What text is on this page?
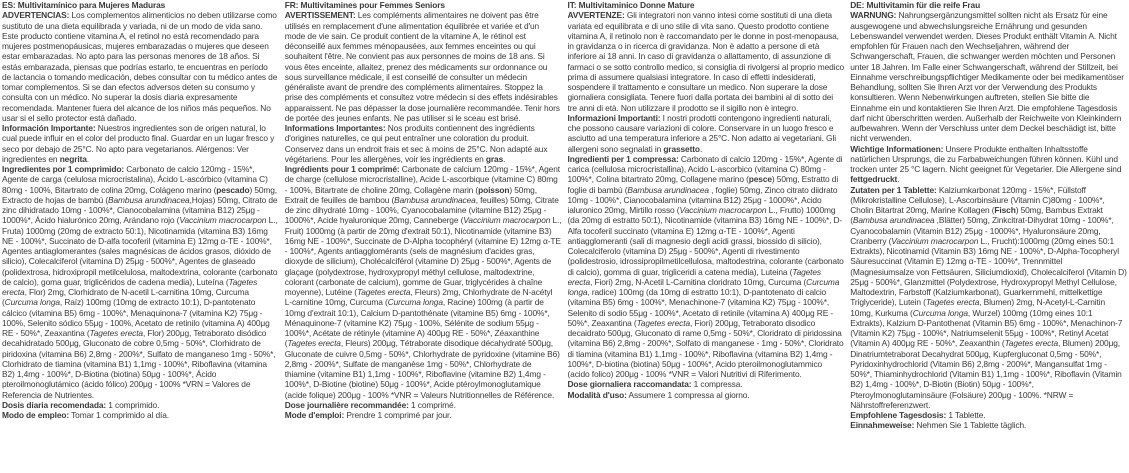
ES: Multivitamínico para Mujeres Maduras

ADVERTENCIAS: Los complementos alimenticios no deben utilizarse como sustituto de una dieta equilibrada y variada, ni de un modo de vida sano. Este producto contiene vitamina A, el retinol no está recomendado para mujeres postmenopáusicas, mujeres embarazadas o mujeres que deseen estar embarazadas. No apto para las personas menores de 18 años. Si estás embarazada, piensas que podrías estarlo, te encuentras en período de lactancia o tomando medicación, debes consultar con tu médico antes de tomar complementos. Si se dan efectos adversos deten su consumo y consulta con un médico. No superar la dosis diaria expresamente recomendada. Mantener fuera del alcance de los niños más pequeños. No usar si el sello protector está dañado.

Información Importante: Nuestros ingredientes son de origen natural, lo cual puede influir en el color del producto final. Guardar en un lugar fresco y seco por debajo de 25°C. No apto para vegetarianos. Alérgenos: Ver ingredientes en negrita.

Ingredientes por 1 comprimido: Carbonato de calcio 120mg - 15%*, Agente de carga (celulosa microcristalina), Ácido L-ascórbico (vitamina C) 80mg - 100%, Bitartrato de colina 20mg, Colágeno marino (pescado) 50mg, Extracto de hojas de bambú (Bambusa arundinacea,Hojas) 50mg, Citrato de zinc dihidratado 10mg - 100%*, Cianocobalamina (vitamina B12) 25μg - 1000%*, Ácido hialurónico 20mg, Arándano rojo (Vaccinium macrocarpon L., Fruta) 1000mg (20mg de extracto 50:1), Nicotinamida (vitamina B3) 16mg NE - 100%*, Succinato de D-alfa tocoferil (vitamina E) 12mg α-TE - 100%*, Agentes antiaglomerantes (sales magnésicas de ácidos grasos, dióxido de silicio), Colecalciferol (vitamina D) 25μg - 500%*, Agentes de glaseado (polidextrosa, hidroxipropil metilcelulosa, maltodextrina, colorante (carbonato de calcio), goma guar, triglicéridos de cadena media), Luteína (Tagetes erecta, Flor) 2mg, Clorhidrato de N-acetil L-carnitina 10mg, Curcuma (Curcuma longa, Raíz) 100mg (10mg de extracto 10:1), D-pantotenato cálcico (vitamina B5) 6mg - 100%*, Menaquinona-7 (vitamina K2) 75μg - 100%, Selenito sódico 55μg - 100%, Acetato de retinilo (vitamina A) 400μg RE - 50%*, Zeaxantina (Tagetes erecta, Flor) 200μg, Tetraborato disódico decahidratado 500μg, Gluconato de cobre 0,5mg - 50%*, Clorhidrato de piridoxina (vitamina B6) 2,8mg - 200%*, Sulfato de manganeso 1mg - 50%*, Clorhidrato de tiamina (vitamina B1) 1,1mg - 100%*, Riboflavina (vitamina B2) 1,4mg - 100%*, D-Biotina (biotina) 50μg - 100%*, Ácido pteroilmonoglutámico (ácido fólico) 200μg - 100% *VRN = Valores de Referencia de Nutrientes.

Dosis diaria recomendada: 1 comprimido.

Modo de empleo: Tomar 1 comprimido al día.

FR: Multivitamines pour Femmes Seniors

AVERTISSEMENT: Les compléments alimentaires ne doivent pas être utilisés en remplacement d'une alimentation équilibrée et variée et d'un mode de vie sain. Ce produit contient de la vitamine A, le rétinol est déconseillé aux femmes ménopausées, aux femmes enceintes ou qui souhaitent l'être. Ne convient pas aux personnes de moins de 18 ans. Si vous êtes enceinte, allaitez, prenez des médicaments sur ordonnance ou sous surveillance médicale, il est conseillé de consulter un médecin généraliste avant de prendre des compléments alimentaires. Stoppez la prise des compléments et consultez votre médecin si des effets indésirables apparaissent. Ne pas dépasser la dose journalière recommandée. Tenir hors de portée des jeunes enfants. Ne pas utiliser si le sceau est brisé.

Informations Importantes: Nos produits contiennent des ingrédients d'origines naturelles, ce qui peut entraîner une coloration du produit. Conservez dans un endroit frais et sec à moins de 25°C. Non adapté aux végétariens. Pour les allergènes, voir les ingrédients en gras.

Ingrédients pour 1 comprimé: Carbonate de calcium 120mg - 15%*, Agent de charge (cellulose microcristalline), Acide L-ascorbique (vitamine C) 80mg - 100%, Bitartrate de choline 20mg, Collagène marin (poisson) 50mg, Extrait de feuilles de bambou (Bambusa arundinacea, feuilles) 50mg, Citrate de zinc dihydraté 10mg - 100%, Cyanocobalamine (vitamine B12) 25μg - 1000%*, Acide hyaluronique 20mg, Canneberge (Vaccinium macrocarpon L., Fruit) 1000mg (à partir de 20mg d'extrait 50:1), Nicotinamide (vitamine B3) 16mg NE - 100%*, Succinate de D-Alpha tocophéryl (vitamine E) 12mg α-TE - 100%*, Agents antiagglomérants (sels de magnésium d'acides gras, dioxyde de silicium), Cholécalciférol (vitamine D) 25μg - 500%*, Agents de glaçage (polydextrose, hydroxypropyl méthyl cellulose, maltodextrine, colorant (carbonate de calcium), gomme de Guar, triglycérides à chaîne moyenne), Lutéine (Tagetes erecta, Fleurs) 2mg, Chlorhydrate de N-acétyl L-carnitine 10mg, Curcuma (Curcuma longa, Racine) 100mg (à partir de 10mg d'extrait 10:1), Calcium D-pantothénate (vitamine B5) 6mg - 100%*, Ménaquinone-7 (vitamine K2) 75μg - 100%, Sélénite de sodium 55μg - 100%*, Acétate de rétinyle (vitamine A) 400μg RE - 50%*, Zéaxanthine (Tagetes erecta, Fleurs) 200μg, Tétraborate disodique décahydraté 500μg, Gluconate de cuivre 0,5mg - 50%*, Chlorhydrate de pyridoxine (vitamine B6) 2,8mg - 200%*, Sulfate de manganèse 1mg - 50%*, Chlorhydrate de thiamine (vitamine B1) 1,1mg - 100%*, Riboflavine (vitamine B2) 1,4mg - 100%*, D-Biotine (biotine) 50μg - 100%*, Acide ptéroylmonoglutamique (acide folique) 200μg - 100% *VNR = Valeurs Nutritionnelles de Référence.

Dose journalière recommandée: 1 comprimé.

Mode d'emploi: Prendre 1 comprimé par jour.

IT: Multivitaminico Donne Mature

AVVERTENZE: Gli integratori non vanno intesi come sostituti di una dieta variata ed equilibrata e di uno stile di vita sano. Questo prodotto contiene vitamina A, il retinolo non è raccomandato per le donne in post-menopausa, in gravidanza o in ricerca di gravidanza. Non è adatto a persone di età inferiore ai 18 anni. In caso di gravidanza o allattamento, di assunzione di farmaci o se sotto controllo medico, si consiglia di rivolgersi al proprio medico prima di assumere qualsiasi integratore. In caso di effetti indesiderati, sospendere il trattamento e consultare un medico. Non superare la dose giornaliera consigliata. Tenere fuori dalla portata dei bambini al di sotto dei tre anni di età. Non utilizzare il prodotto se il sigillo non è integro.

Informazioni Importanti: I nostri prodotti contengono ingredienti naturali, che possono causare variazioni di colore. Conservare in un luogo fresco e asciutto ad una temperatura inferiore a 25°C. Non adatto ai vegetariani. Gli allergeni sono segnalati in grassetto.

Ingredienti per 1 compressa: Carbonato di calcio 120mg - 15%*, Agente di carica (cellulosa microcristallina), Acido L-ascorbico (vitamina C) 80mg - 100%*, Colina bitartrato 20mg, Collagene marino (pesce) 50mg, Estratto di foglie di bambù (Bambusa arundinacea , foglie) 50mg, Zinco citrato diidrato 10mg - 100%*, Cianocobalamina (vitamina B12) 25μg - 1000%*, Acido ialuronico 20mg, Mirtillo rosso (Vaccinium macrocarpon L., Frutto) 1000mg (da 20mg di estratto 50:1), Nicotinamide (vitamina B3) 16mg NE - 100%*, D-Alfa tocoferil succinato (vitamina E) 12mg α-TE - 100%*, Agenti antiagglomeranti (sali di magnesio degli acidi grassi, biossido di silicio), Colecalciferolo (vitamina D) 25μg - 500%*, Agenti di rivestimento (polidestrosio, idrossipropilmetilcellulosa, maltodestrina, colorante (carbonato di calcio), gomma di guar, trigliceridi a catena media), Luteina (Tagetes erecta, Fiori) 2mg, N-Acetil L-Carnitina cloridrato 10mg, Curcuma (Curcuma longa, radice) 100mg (da 10mg di estratto 10:1), D-pantotenato di calcio (vitamina B5) 6mg - 100%*, Menachinone-7 (vitamina K2) 75μg - 100%*, Selenito di sodio 55μg - 100%*, Acetato di retinile (vitamina A) 400μg RE - 50%*, Zeaxantina (Tagetes erecta, Fiori) 200μg, Tetraborato disodico decaidrato 500μg, Gluconato di rame 0,5mg - 50%*, Cloridrato di piridossina (vitamina B6) 2,8mg - 200%*, Solfato di manganese - 1mg - 50%*, Cloridrato di tiamina (vitamina B1) 1,1mg - 100%*, Riboflavina (vitamina B2) 1,4mg - 100%*, D-biotina (biotina) 50μg - 100%*, Acido pteroilmonoglutammico (acido folico) 200μg - 100% *VNR = Valori Nutritivi di Riferimento.

Dose giornaliera raccomandata: 1 compressa.

Modalità d'uso: Assumere 1 compressa al giorno.

DE: Multivitamin für die reife Frau

WARNUNG: Nahrungsergänzungsmittel sollten nicht als Ersatz für eine ausgewogene und abwechslungsreiche Ernährung und gesunden Lebenswandel verwendet werden. Dieses Produkt enthält Vitamin A. Nicht empfohlen für Frauen nach den Wechseljahren, während der Schwangerschaft, Frauen, die schwanger werden möchten und Personen unter 18 Jahren. Im Falle einer Schwangerschaft, während der Stillzeit, bei Einnahme verschreibungspflichtiger Medikamente oder bei medikamentöser Behandlung, sollten Sie Ihren Arzt vor der Verwendung des Produkts konsultieren. Wenn Nebenwirkungen auftreten, stellen Sie bitte die Einnahme ein und kontaktieren Sie Ihren Arzt. Die empfohlene Tagesdosis darf nicht überschritten werden. Außerhalb der Reichweite von Kleinkindern aufbewahren. Wenn der Verschluss unter dem Deckel beschädigt ist, bitte nicht verwenden.

Wichtige Informationen: Unsere Produkte enthalten Inhaltsstoffe natürlichen Ursprungs, die zu Farbabweichungen führen können. Kühl und trocken unter 25 °C lagern. Nicht geeignet für Vegetarier. Die Allergene sind fettgedruckt.

Zutaten per 1 Tablette: Kalziumkarbonat 120mg - 15%*, Füllstoff (Mikrokristalline Cellulose), L-Ascorbinsäure (Vitamin C)80mg - 100%*, Cholin Bitartrat 20mg, Marine Kollagen (Fisch) 50mg, Bambus Extrakt (Bambusa arundinacea ,Blätter) 50mg, Zinkcitrat-Dihydrat 10mg - 100%*, Cyanocobalamin (Vitamin B12) 25μg - 1000%*, Hyaluronsäure 20mg, Cranberry (Vaccinium macrocarpon L., Frucht):1000mg (20mg eines 50:1 Extrakts), Nicotinamid (Vitamin B3) 16mg NE - 100%*, D-Alpha-Tocopheryl Säuresuccinat (Vitamin E) 12mg α-TE - 100%*, Trennmittel (Magnesiumsalze von Fettsäuren, Siliciumdioxid), Cholecalciferol (Vitamin D) 25μg - 500%*, Glanzmittel (Polydextrose, Hydroxypropyl Methyl Cellulose, Maltodextrin, Farbstoff (Kalziumkarbonat), Guarkernmehl, mittelkettige Triglyceride), Lutein (Tagetes erecta, Blumen) 2mg, N-Acetyl-L-Carnitin 10mg, Kurkuma (Curcuma longa, Wurzel) 100mg (10mg eines 10:1 Extrakts), Kalzium D-Pantothenat (Vitamin B5) 6mg - 100%*, Menachinon-7 (Vitamin K2) 75μg - 100%*, Natriumselenit 55μg - 100%*, Retinyl Acetat (Vitamin A) 400μg RE - 50%*, Zeaxanthin (Tagetes erecta, Blumen) 200μg, Dinatriumtetraborat Decahydrat 500μg, Kupfergluconat 0,5mg - 50%*, Pyridoxinhydrochlorid (Vitamin B6) 2,8mg - 200%*, Mangansulfat 1mg - 50%*, Thiaminhydrochlorid (Vitamin B1) 1,1mg - 100%*, Riboflavin (Vitamin B2) 1,4mg - 100%*, D-Biotin (Biotin) 50μg - 100%*, Pteroylmonoglutaminsäure (Folsäure) 200μg - 100%. *NRW = Nährstoffreferenzwert.

Empfohlene Tagesdosis: 1 Tablette.

Einnahmeweise: Nehmen Sie 1 Tablette täglich.
